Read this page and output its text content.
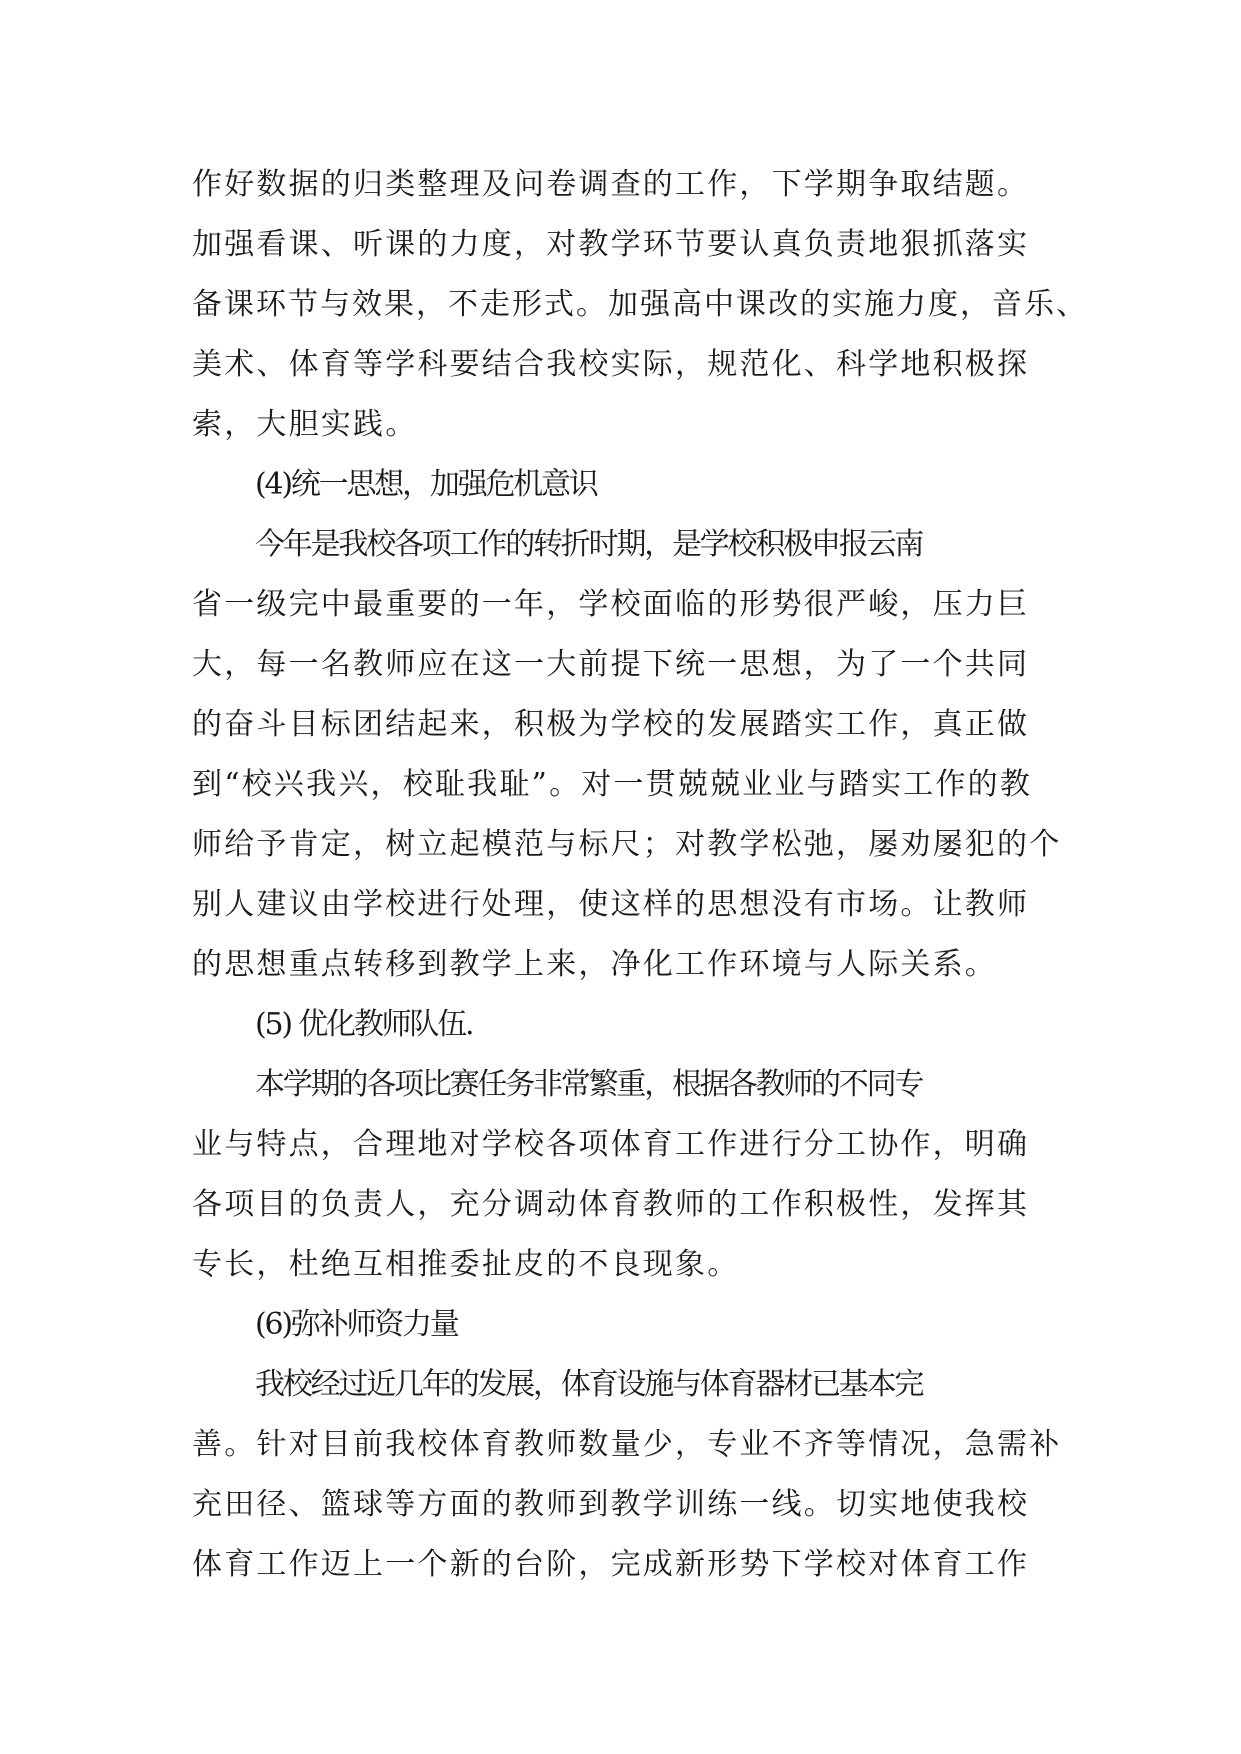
作好数据的归类整理及问卷调查的工作，下学期争取结题。
加强看课、听课的力度，对教学环节要认真负责地狠抓落实
备课环节与效果，不走形式。加强高中课改的实施力度，音乐、
美术、体育等学科要结合我校实际，规范化、科学地积极探
索，大胆实践。
(4)统一思想，加强危机意识
今年是我校各项工作的转折时期，是学校积极申报云南
省一级完中最重要的一年，学校面临的形势很严峻，压力巨
大，每一名教师应在这一大前提下统一思想，为了一个共同
的奋斗目标团结起来，积极为学校的发展踏实工作，真正做
到“校兴我兴，校耻我耻”。对一贯兢兢业业与踏实工作的教
师给予肯定，树立起模范与标尺；对教学松弛，屡劝屡犯的个
别人建议由学校进行处理，使这样的思想没有市场。让教师
的思想重点转移到教学上来，净化工作环境与人际关系。
(5) 优化教师队伍.
本学期的各项比赛任务非常繁重，根据各教师的不同专
业与特点，合理地对学校各项体育工作进行分工协作，明确
各项目的负责人，充分调动体育教师的工作积极性，发挥其
专长，杜绝互相推委扯皮的不良现象。
(6)弥补师资力量
我校经过近几年的发展，体育设施与体育器材已基本完
善。针对目前我校体育教师数量少，专业不齐等情况，急需补
充田径、篮球等方面的教师到教学训练一线。切实地使我校
体育工作迈上一个新的台阶，完成新形势下学校对体育工作
